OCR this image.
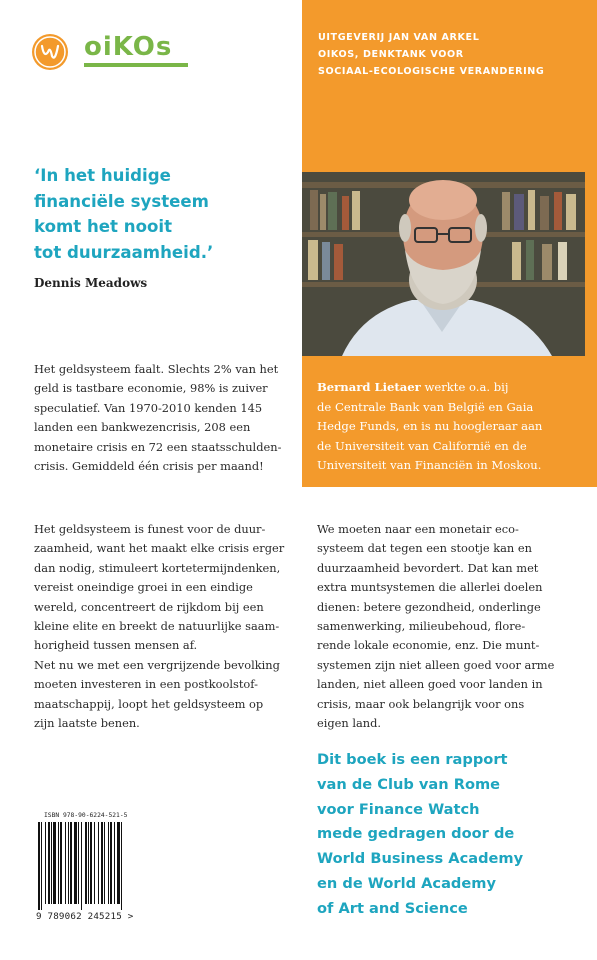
oiKOs	UITGEVERIJ JAN VAN ARKEL
OIKOS, DENKTANK VOOR
SOCIAAL-ECOLOGISCHE VERANDERING
Bernard Lietaer werkte o.a. bij
de Centrale Bank van België en Gaia
Hedge Funds, en is nu hoogleraar aan
de Universiteit van Californië en de
Universiteit van Financiën in Moskou.
‘In het huidige
financiële systeem
komt het nooit
tot duurzaamheid.’
Dennis Meadows
Het geldsysteem faalt. Slechts 2% van het
geld is tastbare economie, 98% is zuiver
speculatief. Van 1970-2010 kenden 145
landen een bankwezencrisis, 208 een
monetaire crisis en 72 een staatsschulden-
crisis. Gemiddeld één crisis per maand!
Het geldsysteem is funest voor de duur-
zaamheid, want het maakt elke crisis erger
dan nodig, stimuleert kortetermijndenken,
vereist oneindige groei in een eindige
wereld, concentreert de rijkdom bij een
kleine elite en breekt de natuurlijke saam-
horigheid tussen mensen af.
Net nu we met een vergrijzende bevolking
moeten investeren in een postkoolstof-
maatschappij, loopt het geldsysteem op
zijn laatste benen.
We moeten naar een monetair eco-
systeem dat tegen een stootje kan en
duurzaamheid bevordert. Dat kan met
extra muntsystemen die allerlei doelen
dienen: betere gezondheid, onderlinge
samenwerking, milieubehoud, flore-
rende lokale economie, enz. Die munt-
systemen zijn niet alleen goed voor arme
landen, niet alleen goed voor landen in
crisis, maar ook belangrijk voor ons
eigen land.
Dit boek is een rapport
van de Club van Rome
voor Finance Watch
mede gedragen door de
World Business Academy
en de World Academy
of Art and Science
ISBN 978-90-6224-521-5
9 789062 245215 >
